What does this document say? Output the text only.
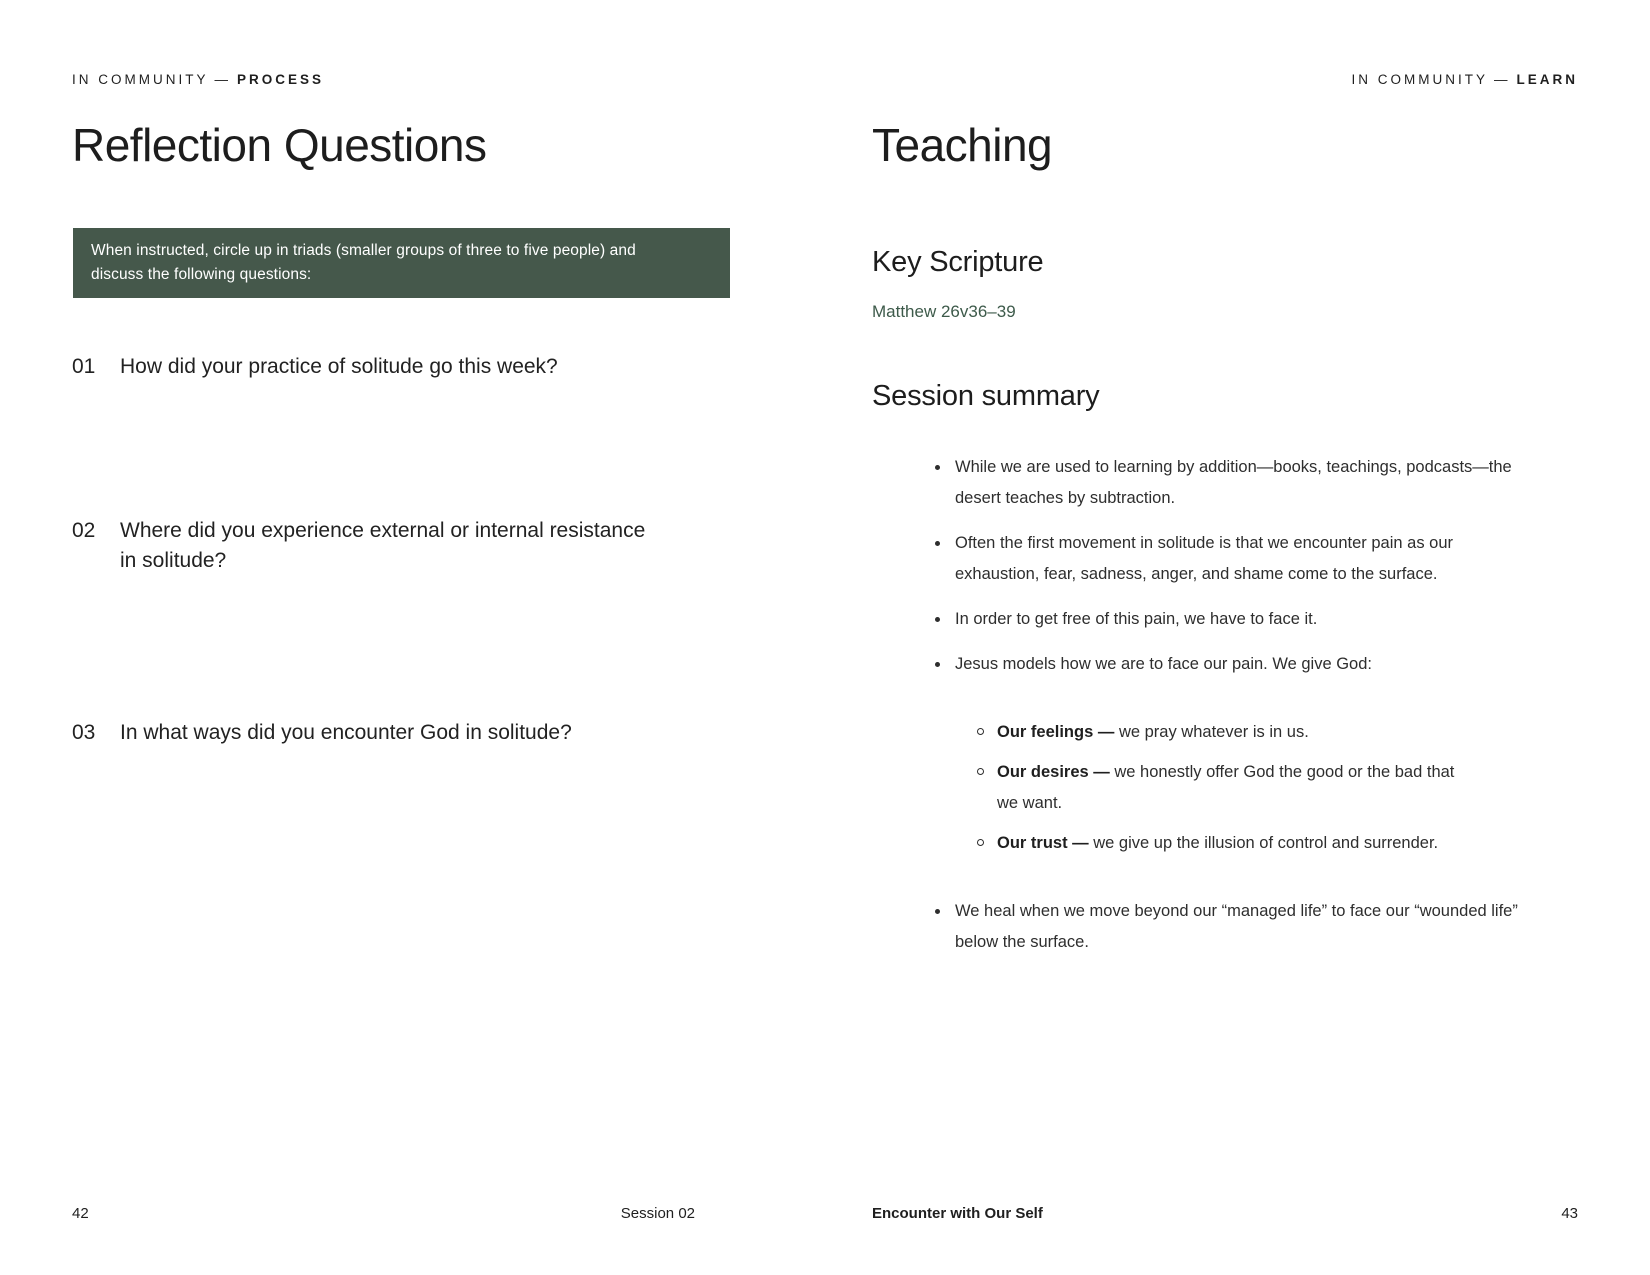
IN COMMUNITY — PROCESS
Reflection Questions

When instructed, circle up in triads (smaller groups of three to five people) and discuss the following questions:

01	How did your practice of solitude go this week?
02	Where did you experience external or internal resistance in solitude?
03	In what ways did you encounter God in solitude?
42	Session 02
IN COMMUNITY — LEARN
Teaching
Key Scripture

Matthew 26v36–39

Session summary
While we are used to learning by addition—books, teachings, podcasts—the desert teaches by subtraction.
Often the first movement in solitude is that we encounter pain as our exhaustion, fear, sadness, anger, and shame come to the surface.
In order to get free of this pain, we have to face it.
Jesus models how we are to face our pain. We give God:
Our feelings — we pray whatever is in us.
Our desires — we honestly offer God the good or the bad that we want.
Our trust — we give up the illusion of control and surrender.
We heal when we move beyond our “managed life” to face our “wounded life” below the surface.
Encounter with Our Self	43
